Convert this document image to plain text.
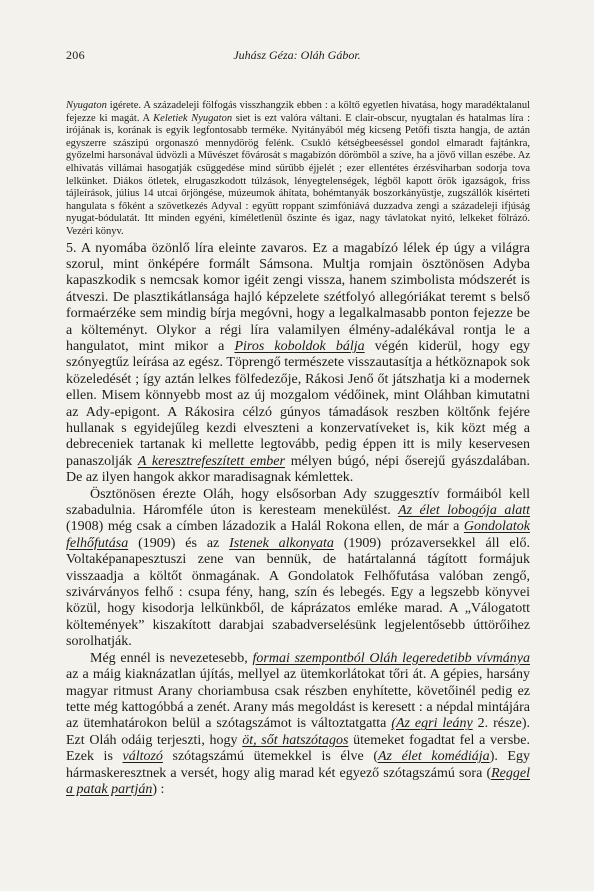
206	Juhász Géza: Oláh Gábor.

Nyugaton igérete. A századeleji fölfogás visszhangzik ebben : a költő egyetlen hivatása, hogy maradéktalanul fejezze ki magát. A Keletiek Nyugaton siet is ezt valóra váltani. E clair-obscur, nyugtalan és hatalmas líra : irójának is, korának is egyik legfontosabb terméke. Nyitányából még kicseng Petőfi tiszta hangja, de aztán egyszerre szászipú orgonaszó mennydörög felénk. Csukló kétségbeeséssel gondol elmaradt fajtánkra, győzelmi harsonával üdvözli a Művészet fővárosát s magabízón dörömböl a szíve, ha a jövő villan eszébe. Az elhívatás villámai hasogatják csüggedése mind sűrűbb éjjelét ; ezer ellentétes érzésviharban sodorja tova lelkünket. Diákos ötletek, elrugaszkodott túlzások, lényegtelenségek, légből kapott örök igazságok, friss tájleírások, július 14 utcai őrjöngése, múzeumok áhítata, bohémtanyák boszorkányüstje, zugszállók kísérteti hangulata s főként a szövetkezés Adyval : együtt roppant szimfóniává duzzadva zengi a századeleji ifjúság nyugat-bódulatát. Itt minden egyéni, kíméletlenül őszinte és igaz, nagy távlatokat nyitó, lelkeket fölrázó. Vezéri könyv.

5. A nyomába özönlő líra eleinte zavaros. Ez a magabízó lélek ép úgy a világra szorul, mint önképére formált Sámsona. Multja romjain ösztönösen Adyba kapaszkodik s nemcsak komor igéit zengi vissza, hanem szimbolista módszerét is átveszi. De plasztikátlansága hajló képzelete szétfolyó allegóriákat teremt s belső formaérzéke sem mindig bírja megóvni, hogy a legalkalmasabb ponton fejezze be a költeményt. Olykor a régi líra valamilyen élmény-adalékával rontja le a hangulatot, mint mikor a Piros koboldok bálja végén kiderül, hogy egy szónyegtűz leírása az egész. Töprengő természete visszautasítja a hétköznapok sok közeledését ; így aztán lelkes fölfedezője, Rákosi Jenő őt játszhatja ki a modernek ellen. Misem könnyebb most az új mozgalom védőinek, mint Oláhban kimutatni az Ady-epigont. A Rákosira célzó gúnyos támadások reszben költőnk fejére hullanak s egyidejűleg kezdi elveszteni a konzervatíveket is, kik közt még a debreceniek tartanak ki mellette legtovább, pedig éppen itt is mily keservesen panaszolják A keresztrefeszített ember mélyen búgó, népi őserejű gyászdalában. De az ilyen hangok akkor maradisagnak kémlettek.

Ösztönösen érezte Oláh, hogy elsősorban Ady szuggesztív formáiból kell szabadulnia. Háromféle úton is keresteam menekülést. Az élet lobogója alatt (1908) még csak a címben lázadozik a Halál Rokona ellen, de már a Gondolatok felhőfutása (1909) és az Istenek alkonyata (1909) prózaversekkel áll elő. Voltaképanapesztuszi zene van bennük, de határtalanná tágított formájuk visszaadja a költőt önmagának. A Gondolatok Felhőfutása valóban zengő, szivárványos felhő : csupa fény, hang, szín és lebegés. Egy a legszebb könyvei közül, hogy kisodorja lelkünkből, de káprázatos emléke marad. A „Válogatott költemények” kiszakított darabjai szabadverselésünk legjelentősebb úttörőihez sorolhatják.

Még ennél is nevezetesebb, formai szempontból Oláh legeredetibb vívmánya az a máig kiaknázatlan újítás, mellyel az ütemkorlátokat tőri át. A gépies, harsány magyar ritmust Arany choriambusa csak részben enyhítette, követőinél pedig ez tette még kattogóbbá a zenét. Arany más megoldást is keresett : a népdal mintájára az ütemhatárokon belül a szótagszámot is változtatgatta (Az egri leány 2. része). Ezt Oláh odáig terjeszti, hogy öt, sőt hatszótagos ütemeket fogadtat fel a versbe. Ezek is változó szótagszámú ütemekkel is élve (Az élet komédiája). Egy hármaskeresztnek a versét, hogy alig marad két egyező szótagszámú sora (Reggel a patak partján) :
